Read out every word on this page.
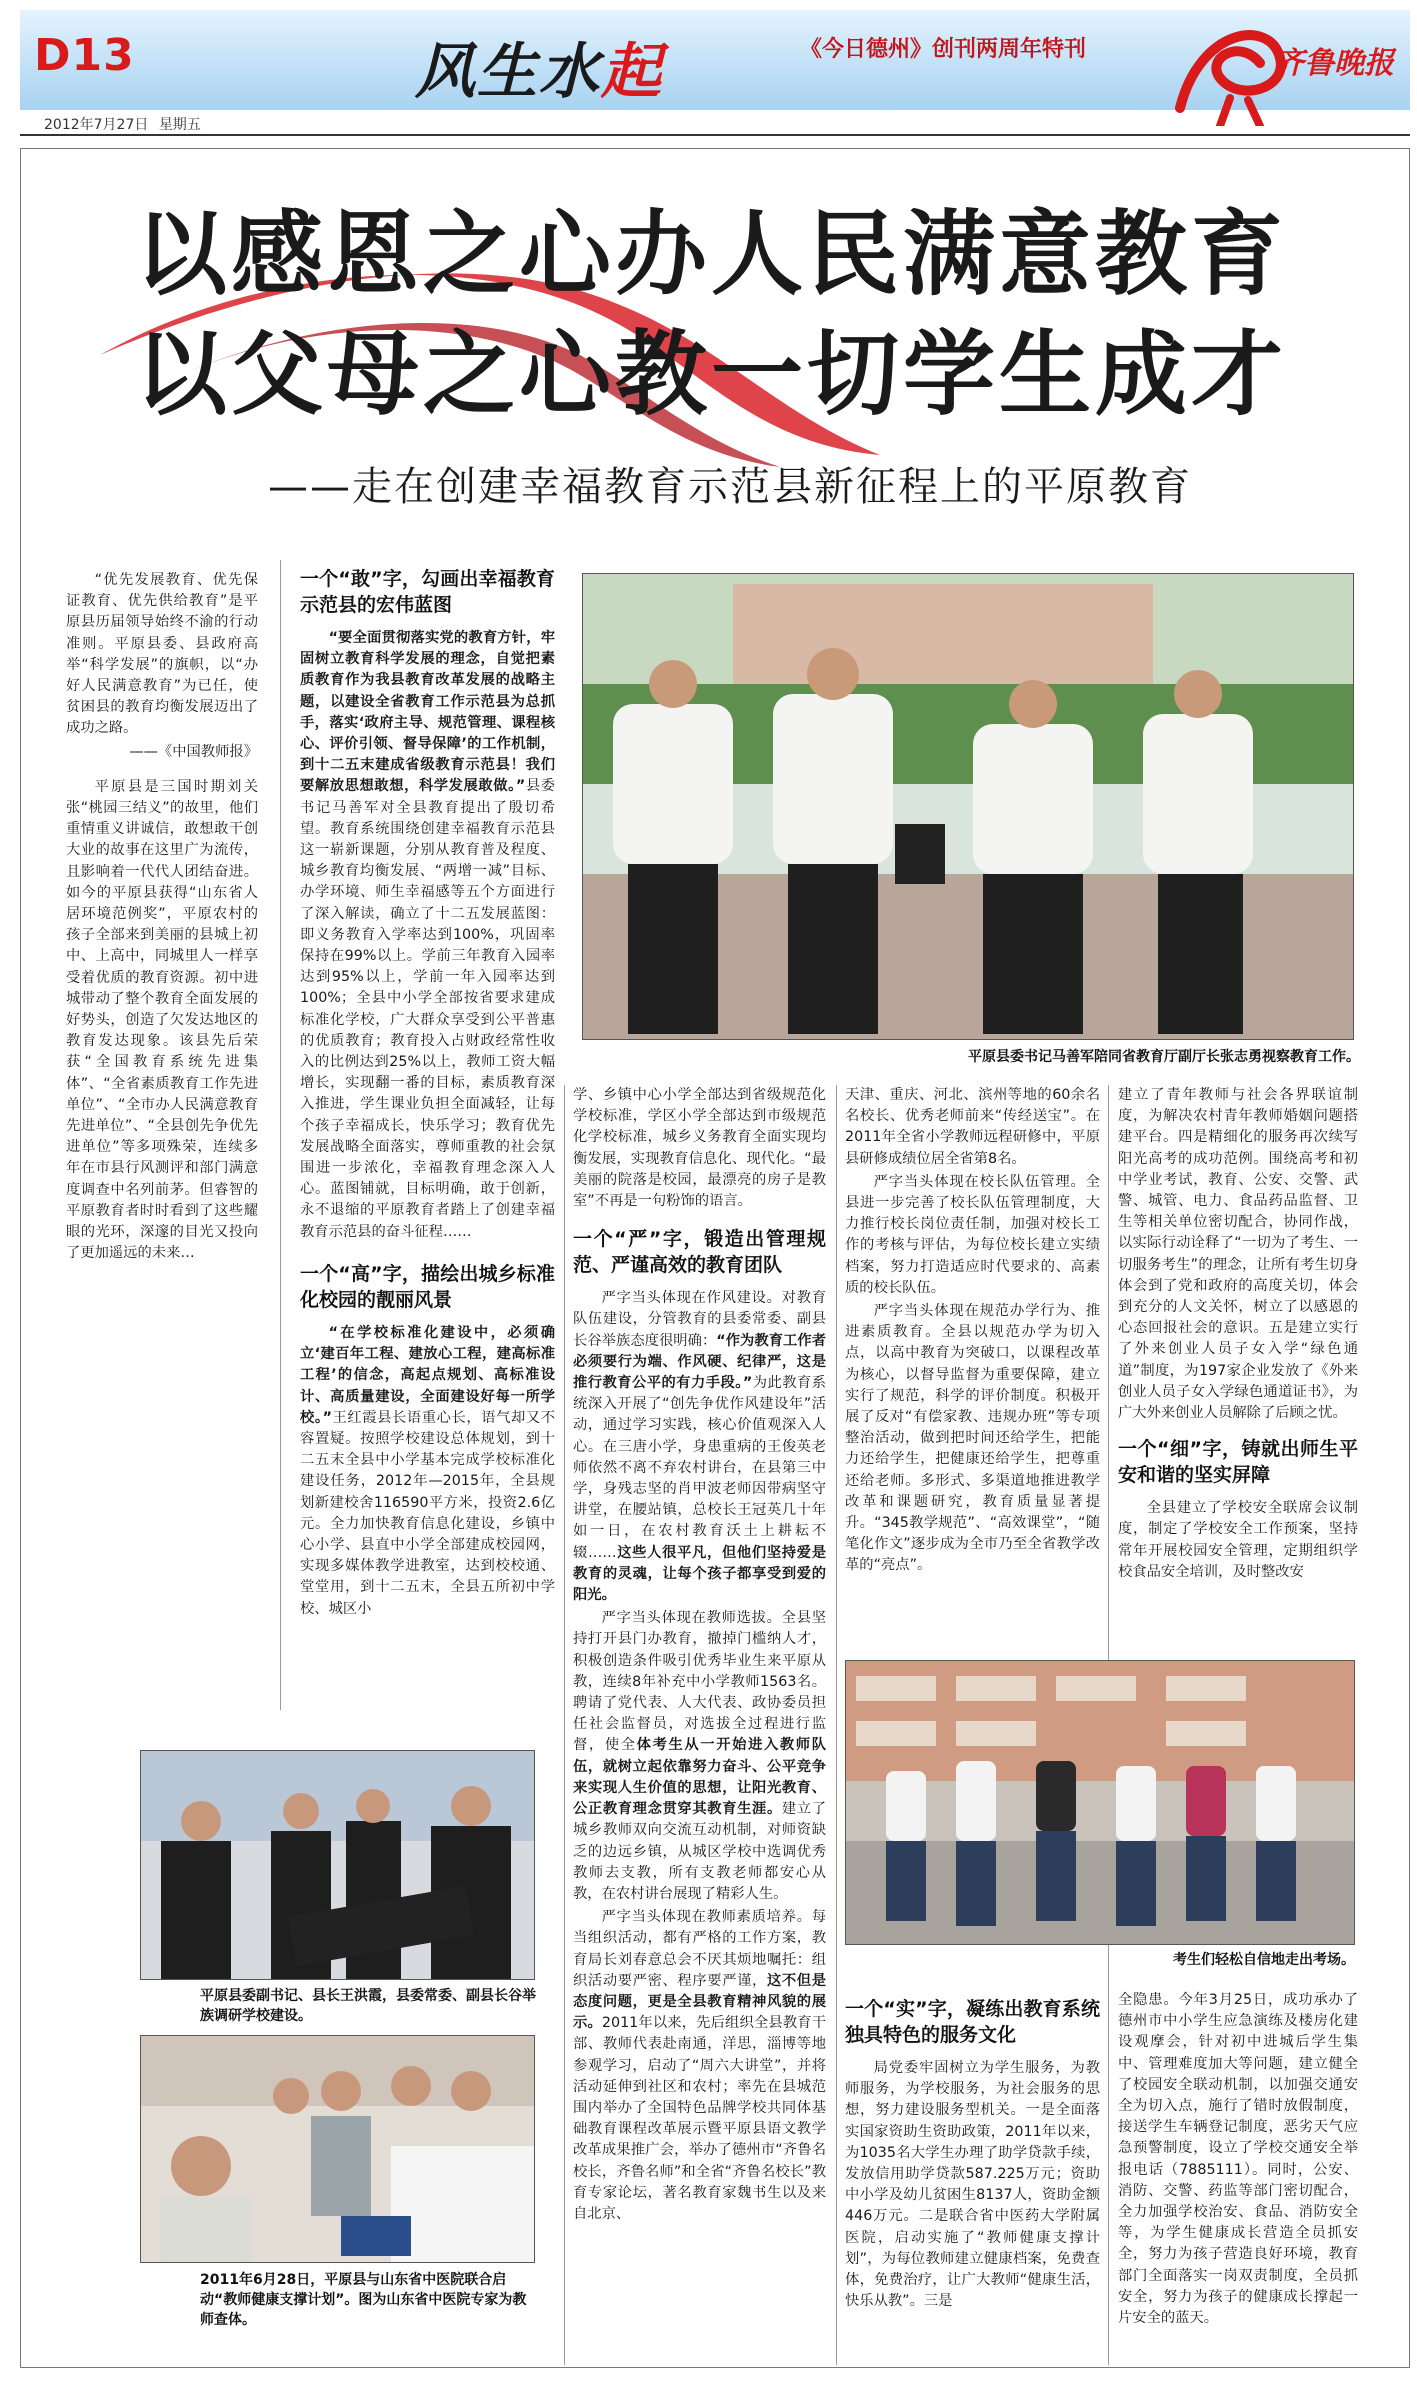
D13	风生水起	《今日德州》创刊两周年特刊	齐鲁晚报
2012年7月27日 星期五
以感恩之心办人民满意教育
以父母之心教一切学生成才
——走在创建幸福教育示范县新征程上的平原教育

“优先发展教育、优先保证教育、优先供给教育”是平原县历届领导始终不渝的行动准则。平原县委、县政府高举“科学发展”的旗帜，以“办好人民满意教育”为已任，使贫困县的教育均衡发展迈出了成功之路。

——《中国教师报》

平原县是三国时期刘关张“桃园三结义”的故里，他们重情重义讲诚信，敢想敢干创大业的故事在这里广为流传，且影响着一代代人团结奋进。如今的平原县获得“山东省人居环境范例奖”，平原农村的孩子全部来到美丽的县城上初中、上高中，同城里人一样享受着优质的教育资源。初中进城带动了整个教育全面发展的好势头，创造了欠发达地区的教育发达现象。该县先后荣获“全国教育系统先进集体”、“全省素质教育工作先进单位”、“全市办人民满意教育先进单位”、“全县创先争优先进单位”等多项殊荣，连续多年在市县行风测评和部门满意度调查中名列前茅。但睿智的平原教育者时时看到了这些耀眼的光环，深邃的目光又投向了更加遥远的未来…

一个“敢”字，勾画出幸福教育示范县的宏伟蓝图

“要全面贯彻落实党的教育方针，牢固树立教育科学发展的理念，自觉把素质教育作为我县教育改革发展的战略主题，以建设全省教育工作示范县为总抓手，落实‘政府主导、规范管理、课程核心、评价引领、督导保障’的工作机制，到十二五末建成省级教育示范县！我们要解放思想敢想，科学发展敢做。”县委书记马善军对全县教育提出了殷切希望。教育系统围绕创建幸福教育示范县这一崭新课题，分别从教育普及程度、城乡教育均衡发展、“两增一减”目标、办学环境、师生幸福感等五个方面进行了深入解读，确立了十二五发展蓝图：即义务教育入学率达到100%，巩固率保持在99%以上。学前三年教育入园率达到95%以上，学前一年入园率达到100%；全县中小学全部按省要求建成标准化学校，广大群众享受到公平普惠的优质教育；教育投入占财政经常性收入的比例达到25%以上，教师工资大幅增长，实现翻一番的目标，素质教育深入推进，学生课业负担全面减轻，让每个孩子幸福成长，快乐学习；教育优先发展战略全面落实，尊师重教的社会氛围进一步浓化，幸福教育理念深入人心。蓝图铺就，目标明确，敢于创新，永不退缩的平原教育者踏上了创建幸福教育示范县的奋斗征程……

一个“高”字，描绘出城乡标准化校园的靓丽风景

“在学校标准化建设中，必须确立‘建百年工程、建放心工程，建高标准工程’的信念，高起点规划、高标准设计、高质量建设，全面建设好每一所学校。”王红霞县长语重心长，语气却又不容置疑。按照学校建设总体规划，到十二五末全县中小学基本完成学校标准化建设任务，2012年—2015年，全县规划新建校舍116590平方米，投资2.6亿元。全力加快教育信息化建设，乡镇中心小学、县直中小学全部建成校园网，实现多媒体教学进教室，达到校校通、堂堂用，到十二五末，全县五所初中学校、城区小

平原县委书记马善军陪同省教育厅副厅长张志勇视察教育工作。

学、乡镇中心小学全部达到省级规范化学校标准，学区小学全部达到市级规范化学校标准，城乡义务教育全面实现均衡发展，实现教育信息化、现代化。“最美丽的院落是校园，最漂亮的房子是教室”不再是一句粉饰的语言。

一个“严”字，锻造出管理规范、严谨高效的教育团队

严字当头体现在作风建设。对教育队伍建设，分管教育的县委常委、副县长谷举族态度很明确：“作为教育工作者必须要行为端、作风硬、纪律严，这是推行教育公平的有力手段。”为此教育系统深入开展了“创先争优作风建设年”活动，通过学习实践，核心价值观深入人心。在三唐小学，身患重病的王俊英老师依然不离不弃农村讲台，在县第三中学，身残志坚的肖甲波老师因带病坚守讲堂，在腰站镇，总校长王冠英几十年如一日，在农村教育沃土上耕耘不辍……这些人很平凡，但他们坚持爱是教育的灵魂，让每个孩子都享受到爱的阳光。

严字当头体现在教师选拔。全县坚持打开县门办教育，撤掉门槛纳人才，积极创造条件吸引优秀毕业生来平原从教，连续8年补充中小学教师1563名。聘请了党代表、人大代表、政协委员担任社会监督员，对选拔全过程进行监督，使全体考生从一开始进入教师队伍，就树立起依靠努力奋斗、公平竞争来实现人生价值的思想，让阳光教育、公正教育理念贯穿其教育生涯。建立了城乡教师双向交流互动机制，对师资缺乏的边远乡镇，从城区学校中选调优秀教师去支教，所有支教老师都安心从教，在农村讲台展现了精彩人生。

严字当头体现在教师素质培养。每当组织活动，都有严格的工作方案，教育局长刘春意总会不厌其烦地嘱托：组织活动要严密、程序要严谨，这不但是态度问题，更是全县教育精神风貌的展示。2011年以来，先后组织全县教育干部、教师代表赴南通，洋思，淄博等地参观学习，启动了“周六大讲堂”，并将活动延伸到社区和农村；率先在县城范围内举办了全国特色品牌学校共同体基础教育课程改革展示暨平原县语文教学改革成果推广会，举办了德州市“齐鲁名校长，齐鲁名师”和全省“齐鲁名校长”教育专家论坛，著名教育家魏书生以及来自北京、

天津、重庆、河北、滨州等地的60余名名校长、优秀老师前来“传经送宝”。在2011年全省小学教师远程研修中，平原县研修成绩位居全省第8名。

严字当头体现在校长队伍管理。全县进一步完善了校长队伍管理制度，大力推行校长岗位责任制，加强对校长工作的考核与评估，为每位校长建立实绩档案，努力打造适应时代要求的、高素质的校长队伍。

严字当头体现在规范办学行为、推进素质教育。全县以规范办学为切入点，以高中教育为突破口，以课程改革为核心，以督导监督为重要保障，建立实行了规范，科学的评价制度。积极开展了反对“有偿家教、违规办班”等专项整治活动，做到把时间还给学生，把能力还给学生，把健康还给学生，把尊重还给老师。多形式、多渠道地推进教学改革和课题研究，教育质量显著提升。“345教学规范”、“高效课堂”，“随笔化作文”逐步成为全市乃至全省教学改革的“亮点”。

建立了青年教师与社会各界联谊制度，为解决农村青年教师婚姻问题搭建平台。四是精细化的服务再次续写阳光高考的成功范例。围绕高考和初中学业考试，教育、公安、交警、武警、城管、电力、食品药品监督、卫生等相关单位密切配合，协同作战，以实际行动诠释了“一切为了考生、一切服务考生”的理念，让所有考生切身体会到了党和政府的高度关切，体会到充分的人文关怀，树立了以感恩的心态回报社会的意识。五是建立实行了外来创业人员子女入学“绿色通道”制度，为197家企业发放了《外来创业人员子女入学绿色通道证书》，为广大外来创业人员解除了后顾之忧。

一个“细”字，铸就出师生平安和谐的坚实屏障

全县建立了学校安全联席会议制度，制定了学校安全工作预案，坚持常年开展校园安全管理，定期组织学校食品安全培训，及时整改安

考生们轻松自信地走出考场。
一个“实”字，凝练出教育系统独具特色的服务文化

局党委牢固树立为学生服务，为教师服务，为学校服务，为社会服务的思想，努力建设服务型机关。一是全面落实国家资助生资助政策，2011年以来，为1035名大学生办理了助学贷款手续，发放信用助学贷款587.225万元；资助中小学及幼儿贫困生8137人，资助金额446万元。二是联合省中医药大学附属医院，启动实施了“教师健康支撑计划”，为每位教师建立健康档案，免费查体，免费治疗，让广大教师“健康生活，快乐从教”。三是

全隐患。今年3月25日，成功承办了德州市中小学生应急演练及楼房化建设观摩会，针对初中进城后学生集中、管理难度加大等问题，建立健全了校园安全联动机制，以加强交通安全为切入点，施行了错时放假制度，接送学生车辆登记制度，恶劣天气应急预警制度，设立了学校交通安全举报电话（7885111）。同时，公安、消防、交警、药监等部门密切配合，全力加强学校治安、食品、消防安全等，为学生健康成长营造全员抓安全，努力为孩子营造良好环境，教育部门全面落实一岗双责制度，全员抓安全，努力为孩子的健康成长撑起一片安全的蓝天。

平原县委副书记、县长王洪霞，县委常委、副县长谷举族调研学校建设。
2011年6月28日，平原县与山东省中医院联合启动“教师健康支撑计划”。图为山东省中医院专家为教师查体。
